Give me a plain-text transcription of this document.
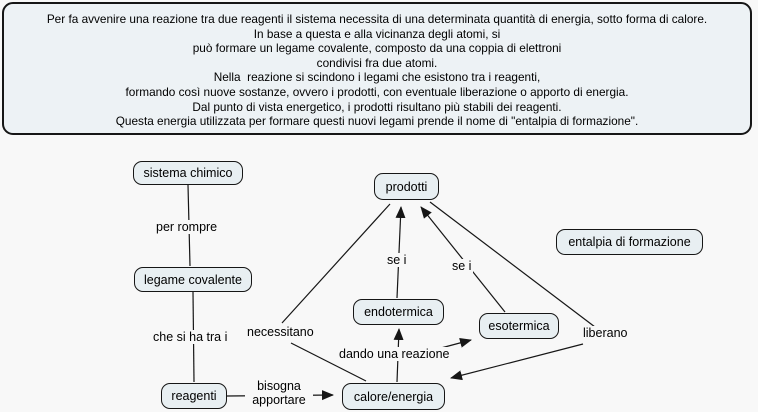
Per fa avvenire una reazione tra due reagenti il sistema necessita di una determinata quantità di energia, sotto forma di calore.
In base a questa e alla vicinanza degli atomi, si
può formare un legame covalente, composto da una coppia di elettroni
condivisi fra due atomi.
Nella  reazione si scindono i legami che esistono tra i reagenti,
formando così nuove sostanze, ovvero i prodotti, con eventuale liberazione o apporto di energia.
Dal punto di vista energetico, i prodotti risultano più stabili dei reagenti.
Questa energia utilizzata per formare questi nuovi legami prende il nome di "entalpia di formazione".
sistema chimico
legame covalente
reagenti
prodotti
endotermica
esotermica
calore/energia
entalpia di formazione
per rompre
che si ha tra i
bisogna apportare
dando una reazione
se i	se i
necessitano	liberano
